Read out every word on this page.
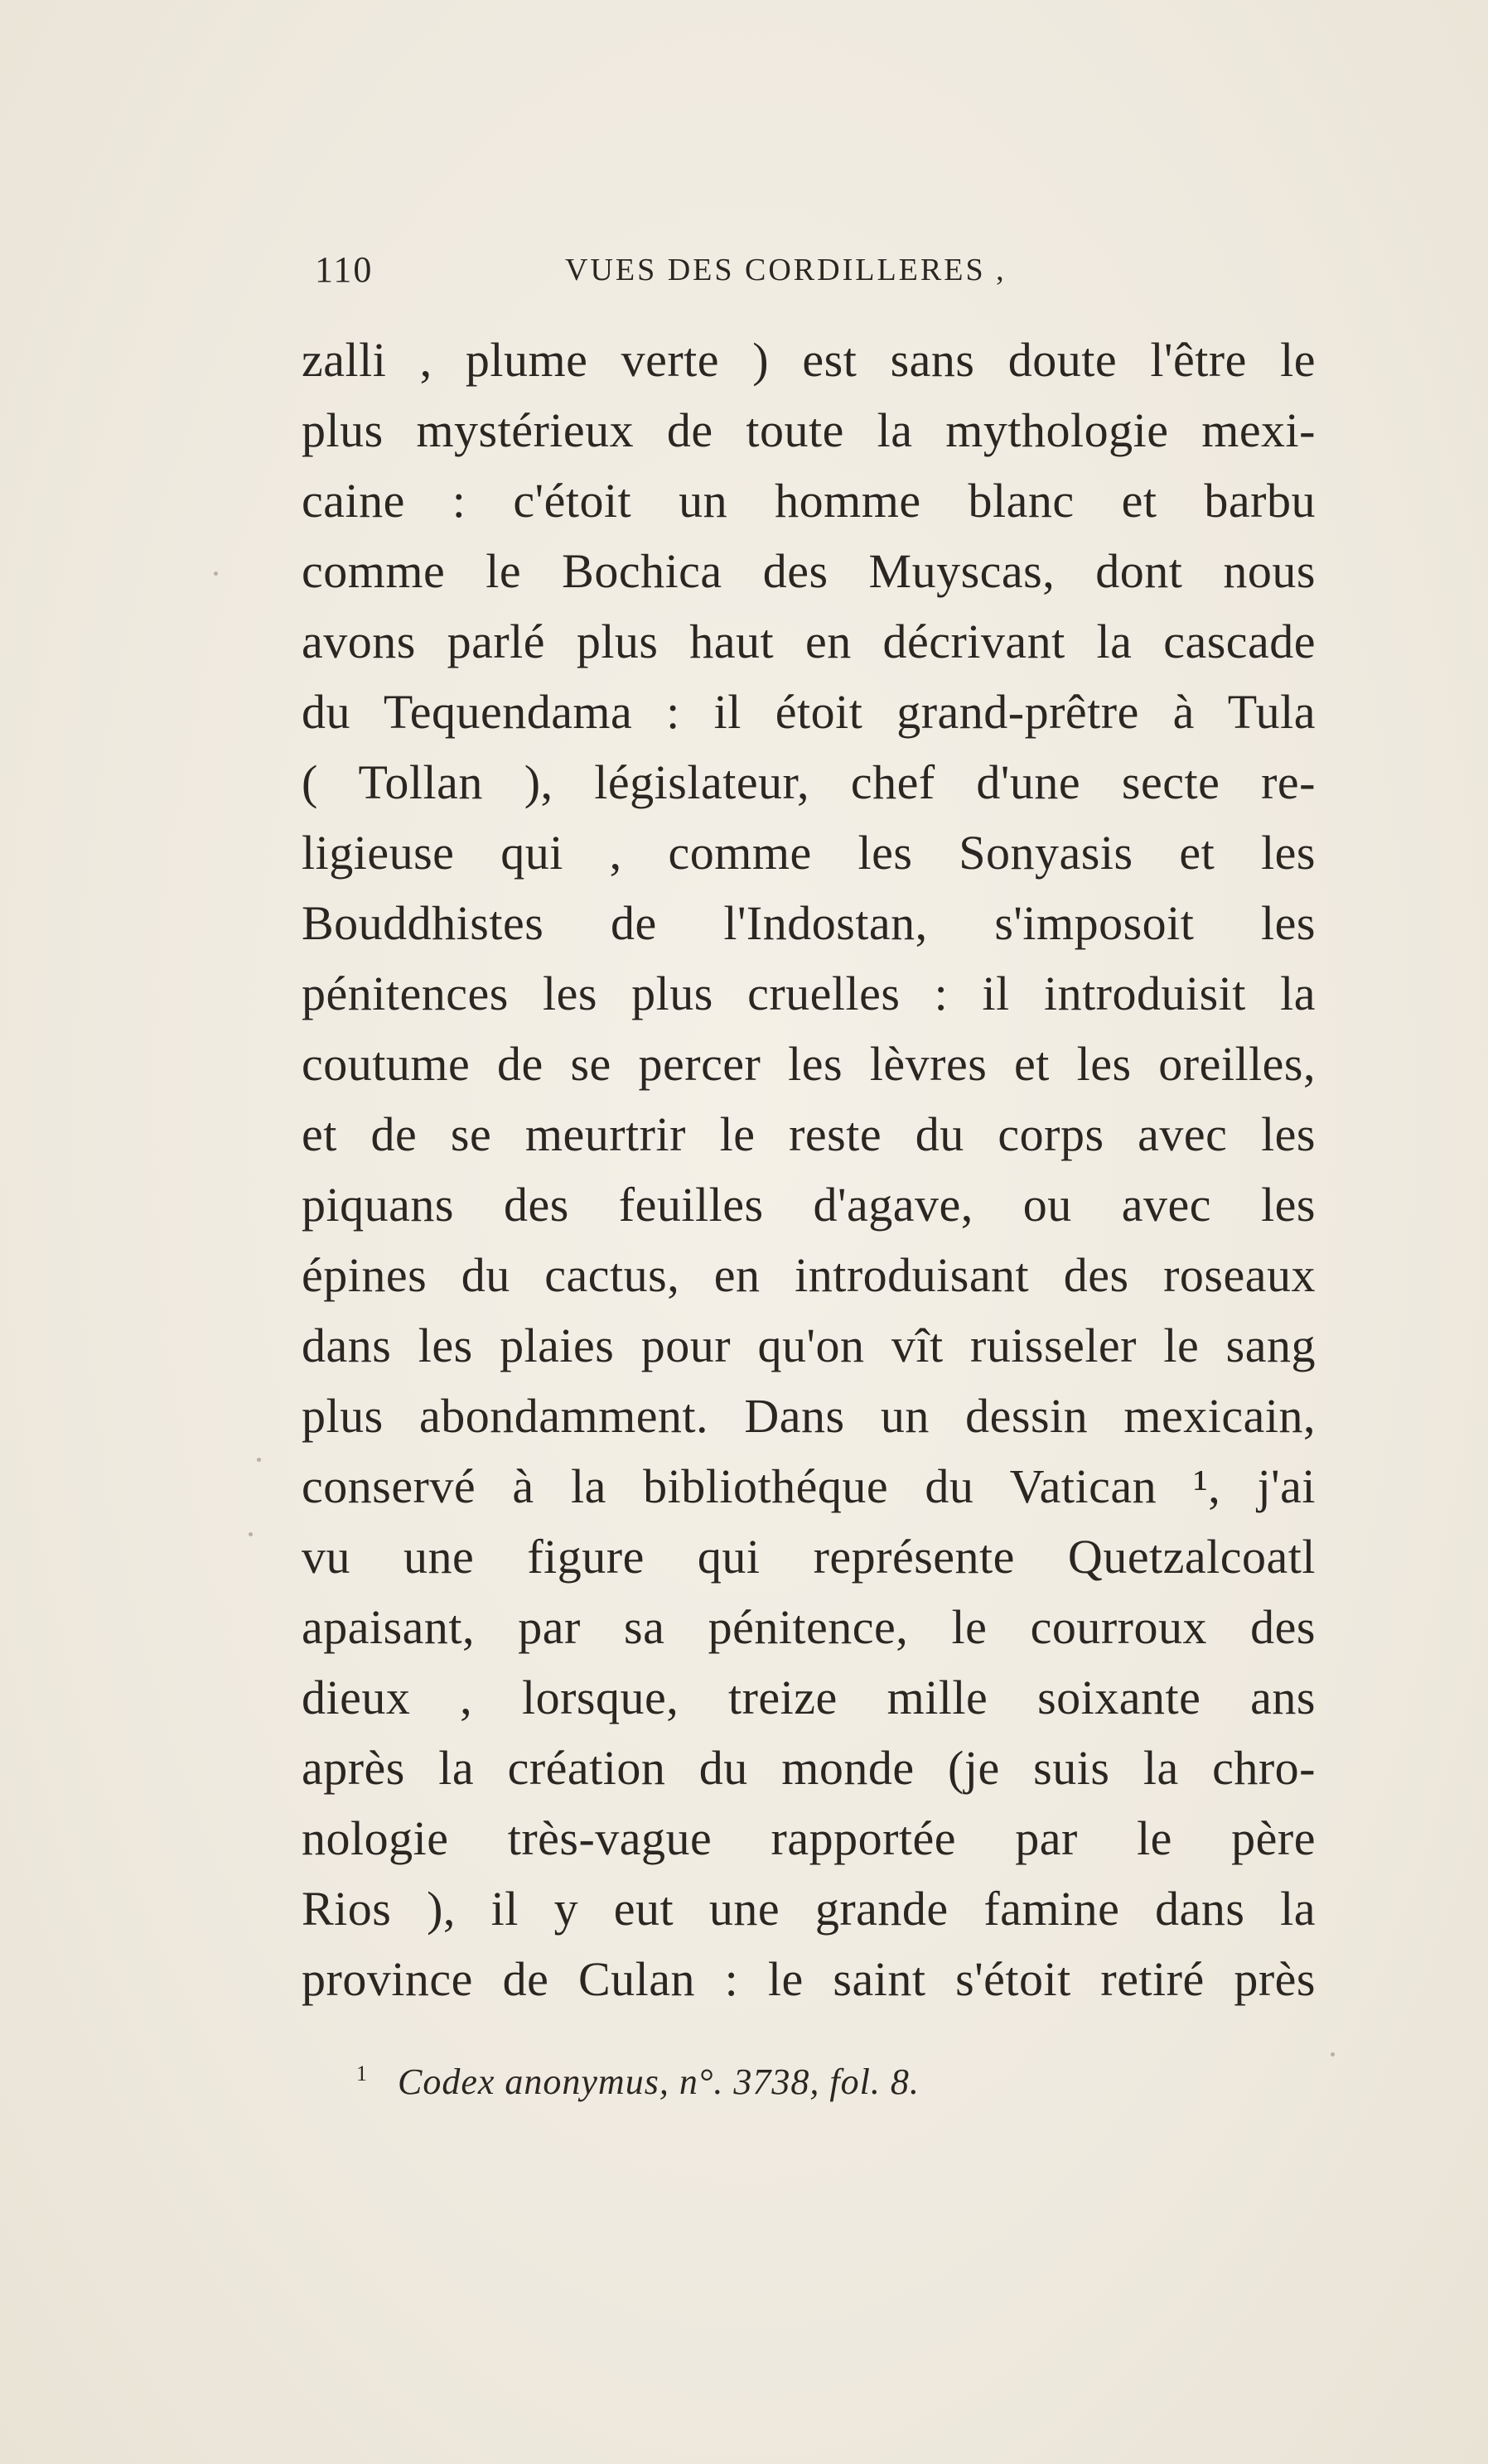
110	VUES DES CORDILLERES ,
zalli , plume verte ) est sans doute l'être le
plus mystérieux de toute la mythologie mexi-
caine : c'étoit un homme blanc et barbu
comme le Bochica des Muyscas, dont nous
avons parlé plus haut en décrivant la cascade
du Tequendama : il étoit grand-prêtre à Tula
( Tollan ), législateur, chef d'une secte re-
ligieuse qui , comme les Sonyasis et les
Bouddhistes de l'Indostan, s'imposoit les
pénitences les plus cruelles : il introduisit la
coutume de se percer les lèvres et les oreilles,
et de se meurtrir le reste du corps avec les
piquans des feuilles d'agave, ou avec les
épines du cactus, en introduisant des roseaux
dans les plaies pour qu'on vît ruisseler le sang
plus abondamment. Dans un dessin mexicain,
conservé à la bibliothéque du Vatican ¹, j'ai
vu une figure qui représente Quetzalcoatl
apaisant, par sa pénitence, le courroux des
dieux , lorsque, treize mille soixante ans
après la création du monde (je suis la chro-
nologie très-vague rapportée par le père
Rios ), il y eut une grande famine dans la
province de Culan : le saint s'étoit retiré près
$^1$ Codex anonymus, n°. 3738, fol. 8.
